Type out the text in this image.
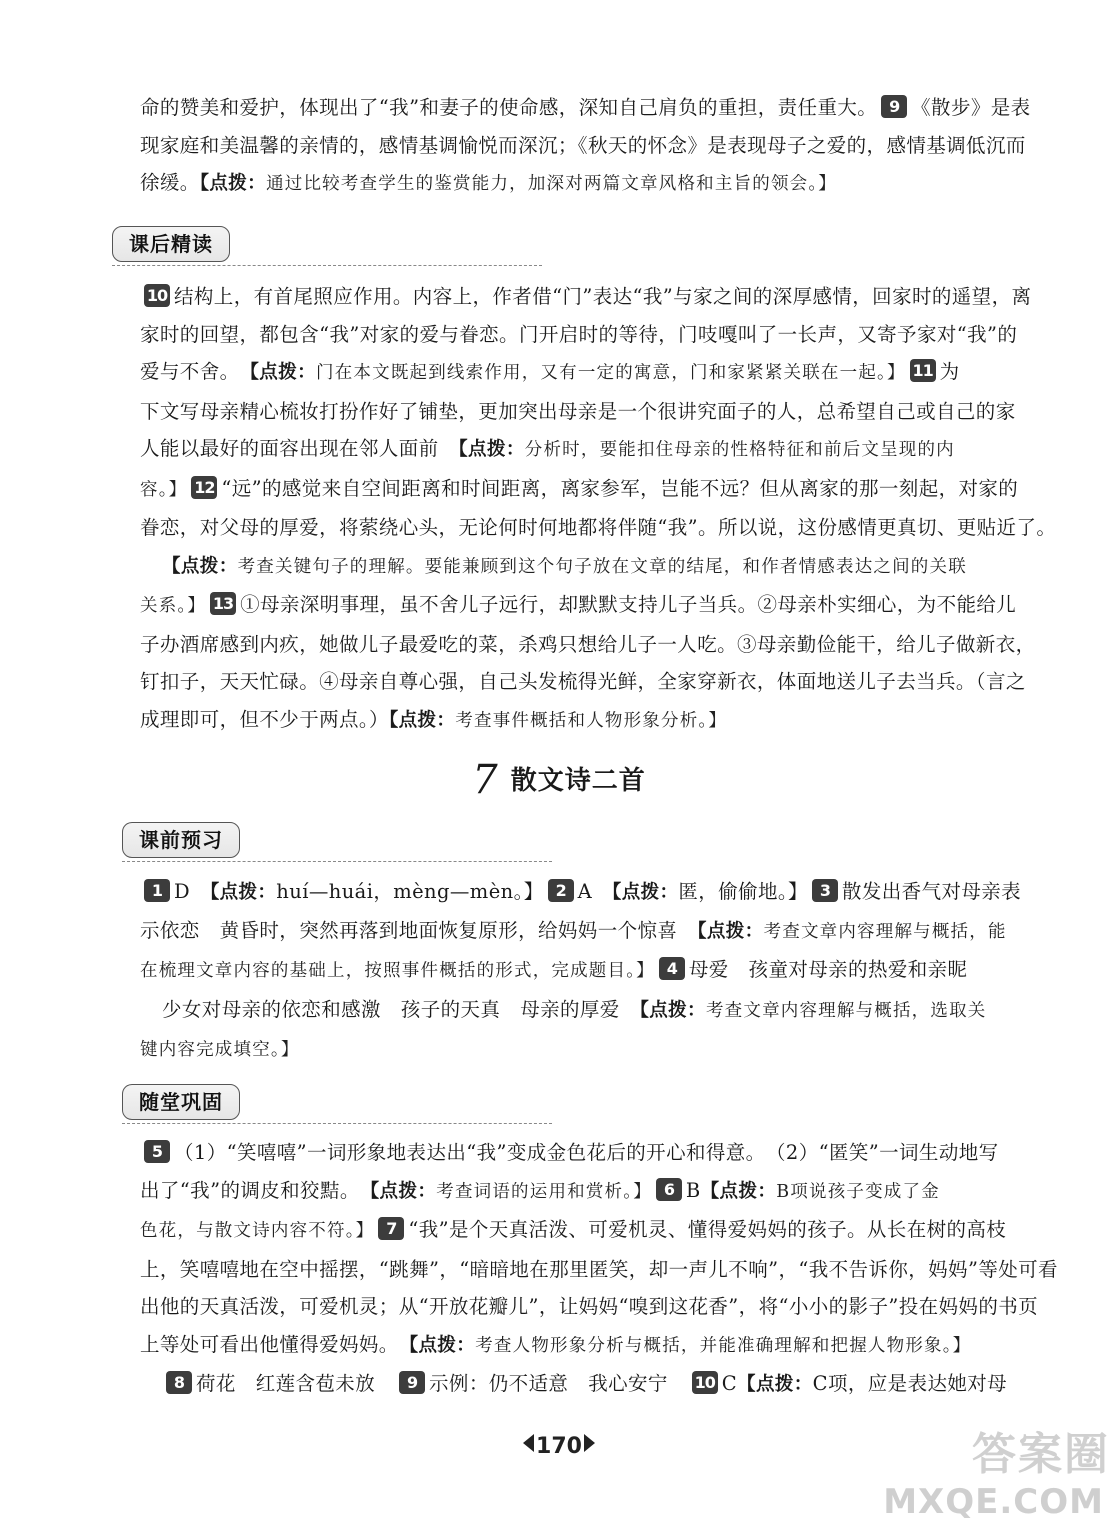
命的赞美和爱护，体现出了“我”和妻子的使命感，深知自己肩负的重担，责任重大。 9 《散步》是表
现家庭和美温馨的亲情的，感情基调愉悦而深沉；《秋天的怀念》是表现母子之爱的，感情基调低沉而
徐缓。【点拨：通过比较考查学生的鉴赏能力，加深对两篇文章风格和主旨的领会。】
课后精读
10 结构上，有首尾照应作用。内容上，作者借“门”表达“我”与家之间的深厚感情，回家时的遥望，离
家时的回望，都包含“我”对家的爱与眷恋。门开启时的等待，门吱嘎叫了一长声，又寄予家对“我”的
爱与不舍。　【点拨：门在本文既起到线索作用，又有一定的寓意，门和家紧紧关联在一起。】 11 为
下文写母亲精心梳妆打扮作好了铺垫，更加突出母亲是一个很讲究面子的人，总希望自己或自己的家
人能以最好的面容出现在邻人面前　【点拨：分析时，要能扣住母亲的性格特征和前后文呈现的内
容。】 12 “远”的感觉来自空间距离和时间距离，离家参军，岂能不远？但从离家的那一刻起，对家的
眷恋，对父母的厚爱，将萦绕心头，无论何时何地都将伴随“我”。所以说，这份感情更真切、更贴近了。
【点拨：考查关键句子的理解。要能兼顾到这个句子放在文章的结尾，和作者情感表达之间的关联
关系。】 13 ①母亲深明事理，虽不舍儿子远行，却默默支持儿子当兵。②母亲朴实细心，为不能给儿
子办酒席感到内疚，她做儿子最爱吃的菜，杀鸡只想给儿子一人吃。③母亲勤俭能干，给儿子做新衣，
钉扣子，天天忙碌。④母亲自尊心强，自己头发梳得光鲜，全家穿新衣，体面地送儿子去当兵。（言之
成理即可，但不少于两点。）【点拨：考查事件概括和人物形象分析。】
7 散文诗二首
课前预习
1 D　【点拨：huí—huái，mèng—mèn。】 2 A　【点拨：匿，偷偷地。】 3 散发出香气对母亲表
示依恋　黄昏时，突然再落到地面恢复原形，给妈妈一个惊喜　【点拨：考查文章内容理解与概括，能
在梳理文章内容的基础上，按照事件概括的形式，完成题目。】 4 母爱　孩童对母亲的热爱和亲昵
少女对母亲的依恋和感激　孩子的天真　母亲的厚爱　【点拨：考查文章内容理解与概括，选取关
键内容完成填空。】
随堂巩固
5 （1）“笑嘻嘻”一词形象地表达出“我”变成金色花后的开心和得意。　（2）“匿笑”一词生动地写
出了“我”的调皮和狡黠。　【点拨：考查词语的运用和赏析。】 6 B【点拨：B项说孩子变成了金
色花，与散文诗内容不符。】 7 “我”是个天真活泼、可爱机灵、懂得爱妈妈的孩子。从长在树的高枝
上，笑嘻嘻地在空中摇摆，“跳舞”，“暗暗地在那里匿笑，却一声儿不响”，“我不告诉你，妈妈”等处可看
出他的天真活泼，可爱机灵；从“开放花瓣儿”，让妈妈“嗅到这花香”，将“小小的影子”投在妈妈的书页
上等处可看出他懂得爱妈妈。　【点拨：考查人物形象分析与概括，并能准确理解和把握人物形象。】
8 荷花　红莲含苞未放　9 示例：仍不适意　我心安宁　10 C【点拨：C项，应是表达她对母
170	答案圈
MXQE.COM
